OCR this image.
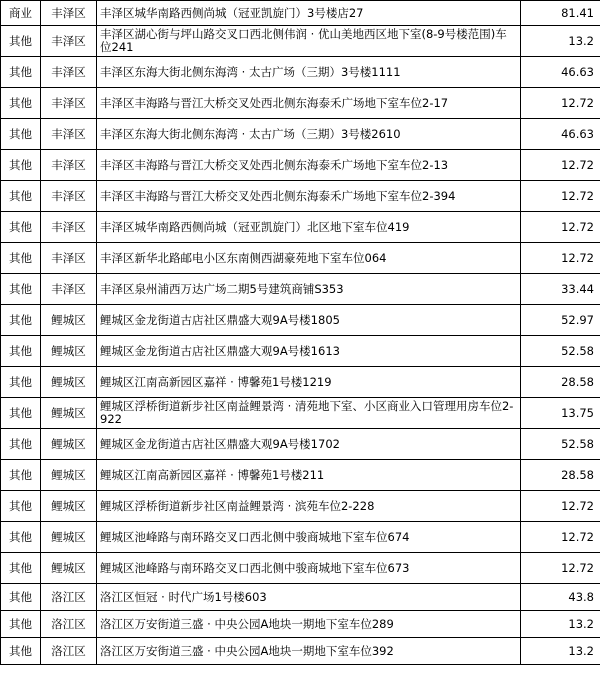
商业	丰泽区	丰泽区城华南路西侧尚城（冠亚凯旋门）3号楼店27	81.41
其他	丰泽区	丰泽区湖心街与坪山路交叉口西北侧伟润 · 优山美地西区地下室(8-9号楼范围)车位241	13.2
其他	丰泽区	丰泽区东海大街北侧东海湾 · 太古广场（三期）3号楼1111	46.63
其他	丰泽区	丰泽区丰海路与晋江大桥交叉处西北侧东海泰禾广场地下室车位2-17	12.72
其他	丰泽区	丰泽区东海大街北侧东海湾 · 太古广场（三期）3号楼2610	46.63
其他	丰泽区	丰泽区丰海路与晋江大桥交叉处西北侧东海泰禾广场地下室车位2-13	12.72
其他	丰泽区	丰泽区丰海路与晋江大桥交叉处西北侧东海泰禾广场地下室车位2-394	12.72
其他	丰泽区	丰泽区城华南路西侧尚城（冠亚凯旋门）北区地下室车位419	12.72
其他	丰泽区	丰泽区新华北路邮电小区东南侧西湖豪苑地下室车位064	12.72
其他	丰泽区	丰泽区泉州浦西万达广场二期5号建筑商铺S353	33.44
其他	鲤城区	鲤城区金龙街道古店社区鼎盛大观9A号楼1805	52.97
其他	鲤城区	鲤城区金龙街道古店社区鼎盛大观9A号楼1613	52.58
其他	鲤城区	鲤城区江南高新园区嘉祥 · 博馨苑1号楼1219	28.58
其他	鲤城区	鲤城区浮桥街道新步社区南益鲤景湾 · 清苑地下室、小区商业入口管理用房车位2-922	13.75
其他	鲤城区	鲤城区金龙街道古店社区鼎盛大观9A号楼1702	52.58
其他	鲤城区	鲤城区江南高新园区嘉祥 · 博馨苑1号楼211	28.58
其他	鲤城区	鲤城区浮桥街道新步社区南益鲤景湾 · 滨苑车位2-228	12.72
其他	鲤城区	鲤城区池峰路与南环路交叉口西北侧中骏商城地下室车位674	12.72
其他	鲤城区	鲤城区池峰路与南环路交叉口西北侧中骏商城地下室车位673	12.72
其他	洛江区	洛江区恒冠 · 时代广场1号楼603	43.8
其他	洛江区	洛江区万安街道三盛 · 中央公园A地块一期地下室车位289	13.2
其他	洛江区	洛江区万安街道三盛 · 中央公园A地块一期地下室车位392	13.2
